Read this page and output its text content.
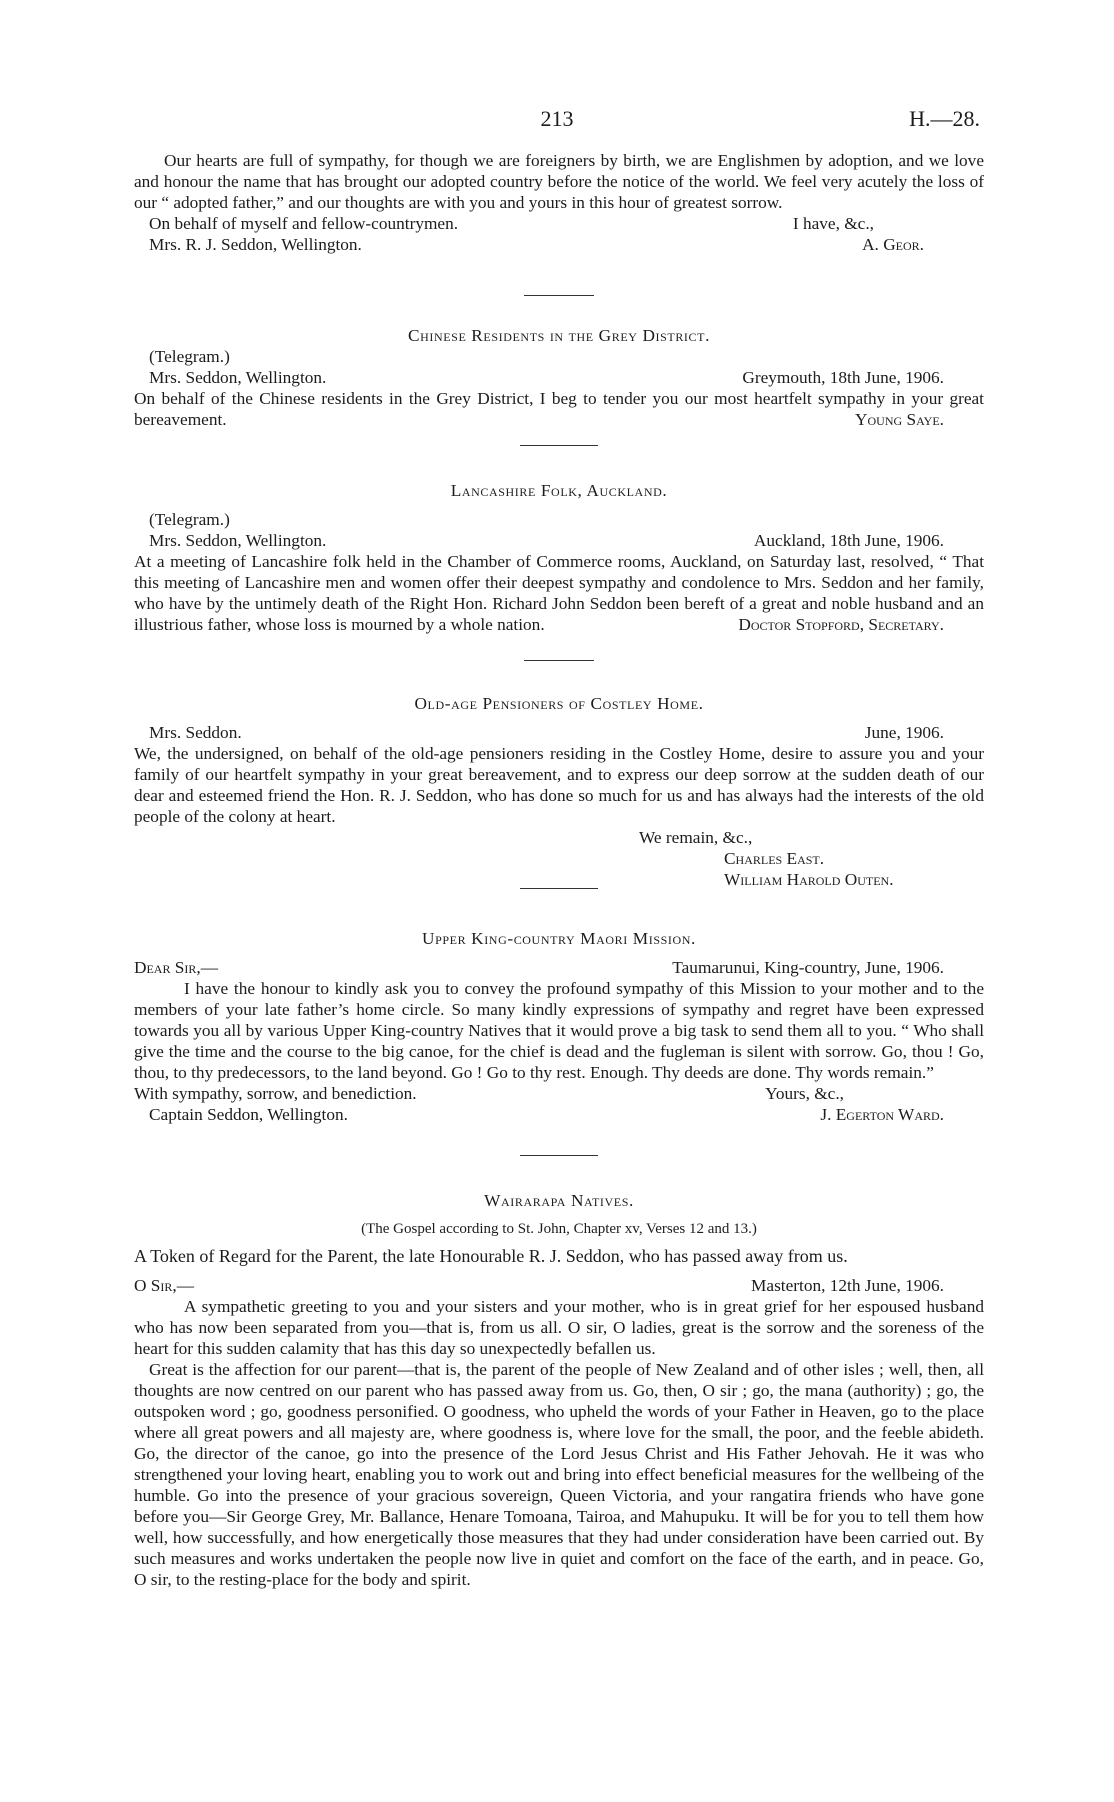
213	H.—28.

Our hearts are full of sympathy, for though we are foreigners by birth, we are Englishmen by adoption, and we love and honour the name that has brought our adopted country before the notice of the world. We feel very acutely the loss of our “ adopted father,” and our thoughts are with you and yours in this hour of greatest sorrow.

On behalf of myself and fellow-countrymen.	I have, &c.,
Mrs. R. J. Seddon, Wellington.	A. Geor.

Chinese Residents in the Grey District.

(Telegram.)
Mrs. Seddon, Wellington.	Greymouth, 18th June, 1906.

On behalf of the Chinese residents in the Grey District, I beg to tender you our most heartfelt sympathy in your great bereavement.	Young Saye.

Lancashire Folk, Auckland.

(Telegram.)
Mrs. Seddon, Wellington.	Auckland, 18th June, 1906.

At a meeting of Lancashire folk held in the Chamber of Commerce rooms, Auckland, on Saturday last, resolved, “ That this meeting of Lancashire men and women offer their deepest sympathy and condolence to Mrs. Seddon and her family, who have by the untimely death of the Right Hon. Richard John Seddon been bereft of a great and noble husband and an illustrious father, whose loss is mourned by a whole nation.	Doctor Stopford, Secretary.

Old-age Pensioners of Costley Home.

Mrs. Seddon.	June, 1906.

We, the undersigned, on behalf of the old-age pensioners residing in the Costley Home, desire to assure you and your family of our heartfelt sympathy in your great bereavement, and to express our deep sorrow at the sudden death of our dear and esteemed friend the Hon. R. J. Seddon, who has done so much for us and has always had the interests of the old people of the colony at heart.

We remain, &c.,
Charles East.
William Harold Outen.

Upper King-country Maori Mission.

Dear Sir,—	Taumarunui, King-country, June, 1906.

I have the honour to kindly ask you to convey the profound sympathy of this Mission to your mother and to the members of your late father’s home circle. So many kindly expressions of sympathy and regret have been expressed towards you all by various Upper King-country Natives that it would prove a big task to send them all to you. “ Who shall give the time and the course to the big canoe, for the chief is dead and the fugleman is silent with sorrow. Go, thou ! Go, thou, to thy predecessors, to the land beyond. Go ! Go to thy rest. Enough. Thy deeds are done. Thy words remain.”

With sympathy, sorrow, and benediction.	Yours, &c.,
Captain Seddon, Wellington.	J. Egerton Ward.

Wairarapa Natives.

(The Gospel according to St. John, Chapter xv, Verses 12 and 13.)

A Token of Regard for the Parent, the late Honourable R. J. Seddon, who has passed away from us.

O Sir,—	Masterton, 12th June, 1906.

A sympathetic greeting to you and your sisters and your mother, who is in great grief for her espoused husband who has now been separated from you—that is, from us all. O sir, O ladies, great is the sorrow and the soreness of the heart for this sudden calamity that has this day so unexpectedly befallen us.

Great is the affection for our parent—that is, the parent of the people of New Zealand and of other isles ; well, then, all thoughts are now centred on our parent who has passed away from us. Go, then, O sir ; go, the mana (authority) ; go, the outspoken word ; go, goodness personified. O goodness, who upheld the words of your Father in Heaven, go to the place where all great powers and all majesty are, where goodness is, where love for the small, the poor, and the feeble abideth. Go, the director of the canoe, go into the presence of the Lord Jesus Christ and His Father Jehovah. He it was who strengthened your loving heart, enabling you to work out and bring into effect beneficial measures for the wellbeing of the humble. Go into the presence of your gracious sovereign, Queen Victoria, and your rangatira friends who have gone before you—Sir George Grey, Mr. Ballance, Henare Tomoana, Tairoa, and Mahupuku. It will be for you to tell them how well, how successfully, and how energetically those measures that they had under consideration have been carried out. By such measures and works undertaken the people now live in quiet and comfort on the face of the earth, and in peace. Go, O sir, to the resting-place for the body and spirit.
